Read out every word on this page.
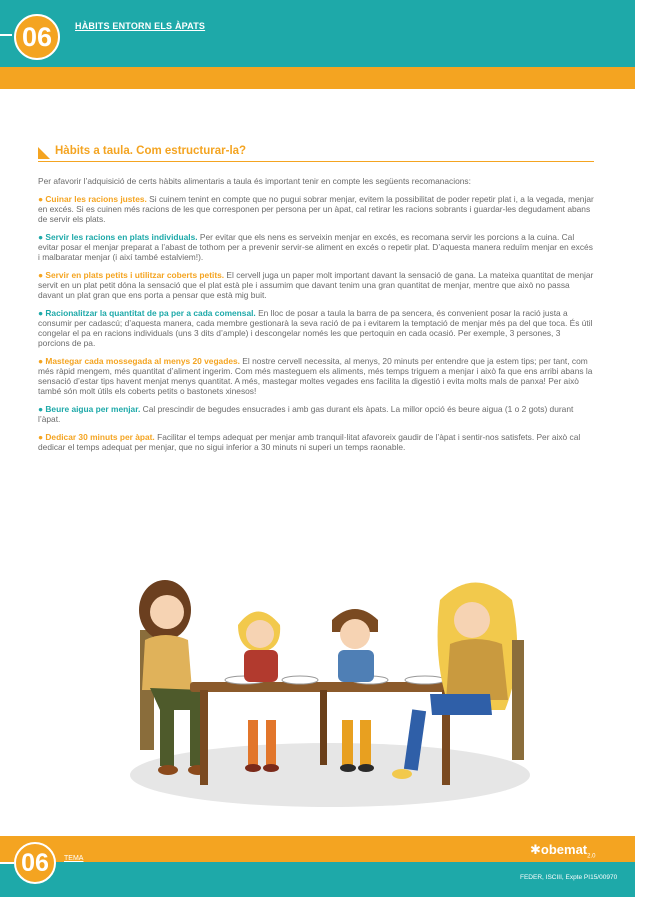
06	HÀBITS ENTORN ELS ÀPATS
Hàbits a taula. Com estructurar-la?

Per afavorir l’adquisició de certs hàbits alimentaris a taula és important tenir en compte les següents recomanacions:

● Cuinar les racions justes. Si cuinem tenint en compte que no pugui sobrar menjar, evitem la possibilitat de poder repetir plat i, a la vegada, menjar en excés. Si es cuinen més racions de les que corresponen per persona per un àpat, cal retirar les racions sobrants i guardar-les degudament abans de servir els plats.

● Servir les racions en plats individuals. Per evitar que els nens es serveixin menjar en excés, es recomana servir les porcions a la cuina. Cal evitar posar el menjar preparat a l’abast de tothom per a prevenir servir-se aliment en excés o repetir plat. D’aquesta manera reduïm menjar en excés i malbaratar menjar (i així també estalviem!).

● Servir en plats petits i utilitzar coberts petits. El cervell juga un paper molt important davant la sensació de gana. La mateixa quantitat de menjar servit en un plat petit dóna la sensació que el plat està ple i assumim que davant tenim una gran quantitat de menjar, mentre que això no passa davant un plat gran que ens porta a pensar que està mig buit.

● Racionalitzar la quantitat de pa per a cada comensal. En lloc de posar a taula la barra de pa sencera, és convenient posar la ració justa a consumir per cadascú; d’aquesta manera, cada membre gestionarà la seva ració de pa i evitarem la temptació de menjar més pa del que toca. És útil congelar el pa en racions individuals (uns 3 dits d’ample) i descongelar només les que pertoquin en cada ocasió. Per exemple, 3 persones, 3 porcions de pa.

● Mastegar cada mossegada al menys 20 vegades. El nostre cervell necessita, al menys, 20 minuts per entendre que ja estem tips; per tant, com més ràpid mengem, més quantitat d’aliment ingerim. Com més masteguem els aliments, més temps triguem a menjar i això fa que ens arribi abans la sensació d’estar tips havent menjat menys quantitat. A més, mastegar moltes vegades ens facilita la digestió i evita molts mals de panxa! Per això també són molt útils els coberts petits o bastonets xinesos!

● Beure aigua per menjar. Cal prescindir de begudes ensucrades i amb gas durant els àpats. La millor opció és beure aigua (1 o 2 gots) durant l’àpat.

● Dedicar 30 minuts per àpat. Facilitar el temps adequat per menjar amb tranquil·litat afavoreix gaudir de l’àpat i sentir-nos satisfets. Per això cal dedicar el temps adequat per menjar, que no sigui inferior a 30 minuts ni superi un temps raonable.

06	TEMA
✱obemat$_{2.0}$
FEDER, ISCIII, Expte PI15/00970
